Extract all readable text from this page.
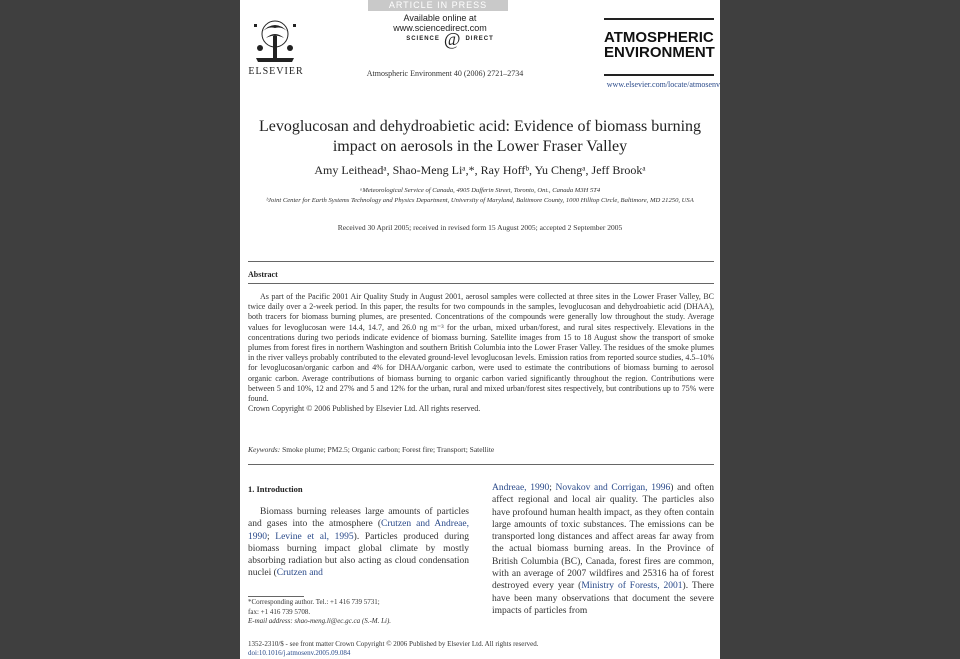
ARTICLE IN PRESS
Available online at www.sciencedirect.com
SCIENCE @ DIRECT
ELSEVIER	Atmospheric Environment 40 (2006) 2721–2734
ATMOSPHERIC
ENVIRONMENT
www.elsevier.com/locate/atmosenv
Levoglucosan and dehydroabietic acid: Evidence of biomass burning impact on aerosols in the Lower Fraser Valley
Amy Leitheadᵃ, Shao-Meng Liᵃ,*, Ray Hoffᵇ, Yu Chengᵃ, Jeff Brookᵃ
ᵃMeteorological Service of Canada, 4905 Dufferin Street, Toronto, Ont., Canada M3H 5T4
ᵇJoint Center for Earth Systems Technology and Physics Department, University of Maryland, Baltimore County, 1000 Hilltop Circle, Baltimore, MD 21250, USA
Received 30 April 2005; received in revised form 15 August 2005; accepted 2 September 2005
Abstract

As part of the Pacific 2001 Air Quality Study in August 2001, aerosol samples were collected at three sites in the Lower Fraser Valley, BC twice daily over a 2-week period. In this paper, the results for two compounds in the samples, levoglucosan and dehydroabietic acid (DHAA), both tracers for biomass burning plumes, are presented. Concentrations of the compounds were generally low throughout the study. Average values for levoglucosan were 14.4, 14.7, and 26.0 ng m⁻³ for the urban, mixed urban/forest, and rural sites respectively. Elevations in the concentrations during two periods indicate evidence of biomass burning. Satellite images from 15 to 18 August show the transport of smoke plumes from forest fires in northern Washington and southern British Columbia into the Lower Fraser Valley. The residues of the smoke plumes in the river valleys probably contributed to the elevated ground-level levoglucosan levels. Emission ratios from reported source studies, 4.5–10% for levoglucosan/organic carbon and 4% for DHAA/organic carbon, were used to estimate the contributions of biomass burning to aerosol organic carbon. Average contributions of biomass burning to organic carbon varied significantly throughout the region. Contributions were between 5 and 10%, 12 and 27% and 5 and 12% for the urban, rural and mixed urban/forest sites respectively, but contributions up to 75% were found.

Crown Copyright © 2006 Published by Elsevier Ltd. All rights reserved.

Keywords: Smoke plume; PM2.5; Organic carbon; Forest fire; Transport; Satellite
1. Introduction

Biomass burning releases large amounts of particles and gases into the atmosphere (Crutzen and Andreae, 1990; Levine et al, 1995). Particles produced during biomass burning impact global climate by mostly absorbing radiation but also acting as cloud condensation nuclei (Crutzen and

Andreae, 1990; Novakov and Corrigan, 1996) and often affect regional and local air quality. The particles also have profound human health impact, as they often contain large amounts of toxic substances. The emissions can be transported long distances and affect areas far away from the actual biomass burning areas. In the Province of British Columbia (BC), Canada, forest fires are common, with an average of 2007 wildfires and 25316 ha of forest destroyed every year (Ministry of Forests, 2001). There have been many observations that document the severe impacts of particles from

*Corresponding author. Tel.: +1 416 739 5731;
fax: +1 416 739 5708.
E-mail address: shao-meng.li@ec.gc.ca (S.-M. Li).
1352-2310/$ - see front matter Crown Copyright © 2006 Published by Elsevier Ltd. All rights reserved.
doi:10.1016/j.atmosenv.2005.09.084
